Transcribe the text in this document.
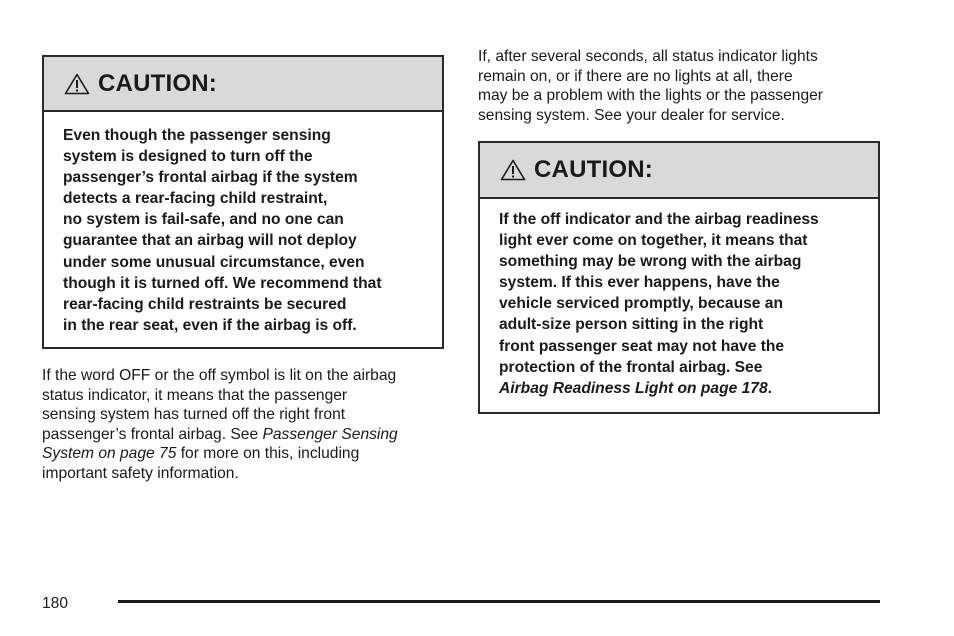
CAUTION:
Even though the passenger sensing
system is designed to turn off the
passenger’s frontal airbag if the system
detects a rear-facing child restraint,
no system is fail-safe, and no one can
guarantee that an airbag will not deploy
under some unusual circumstance, even
though it is turned off. We recommend that
rear-facing child restraints be secured
in the rear seat, even if the airbag is off.
If the word OFF or the off symbol is lit on the airbag
status indicator, it means that the passenger
sensing system has turned off the right front
passenger’s frontal airbag. See Passenger Sensing
System on page 75 for more on this, including
important safety information.
If, after several seconds, all status indicator lights
remain on, or if there are no lights at all, there
may be a problem with the lights or the passenger
sensing system. See your dealer for service.
CAUTION:
If the off indicator and the airbag readiness
light ever come on together, it means that
something may be wrong with the airbag
system. If this ever happens, have the
vehicle serviced promptly, because an
adult-size person sitting in the right
front passenger seat may not have the
protection of the frontal airbag. See
Airbag Readiness Light on page 178.
180
